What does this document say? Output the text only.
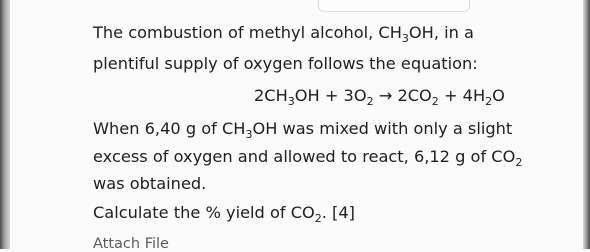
The combustion of methyl alcohol, $CH_3OH$, in a
plentiful supply of oxygen follows the equation:
$2CH_3OH + 3O_2 \to 2CO_2 + 4H_2O$
When 6,40 g of $CH_3OH$ was mixed with only a slight
excess of oxygen and allowed to react, 6,12 g of $CO_2$
was obtained.
Calculate the % yield of $CO_2$. [4]
Attach File
